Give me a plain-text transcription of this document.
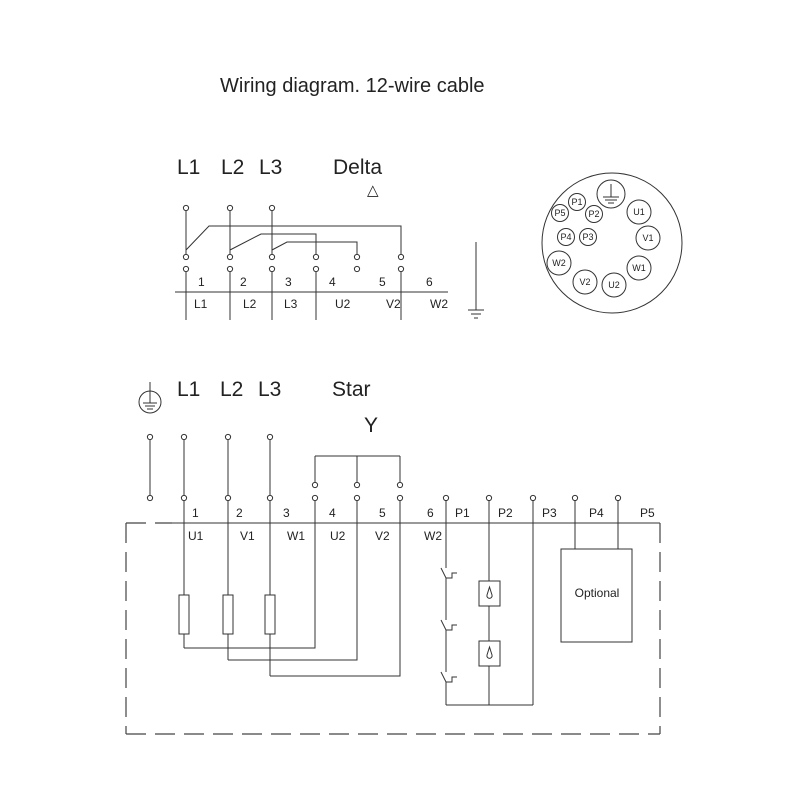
Wiring diagram. 12-wire cable
L1 L2 L3 Delta
△
1	2	3	4	5	6
L1	L2 L3	U2	V2 W2
P1
P5	P2
P4 P3
U1
V1
W2	W1
V2 U2
L1 L2 L3 Star
Y
1	2	3	4	5	6 P1 P2 P3	P4	P5
U1	V1	W1 U2 V2	W2
Optional
